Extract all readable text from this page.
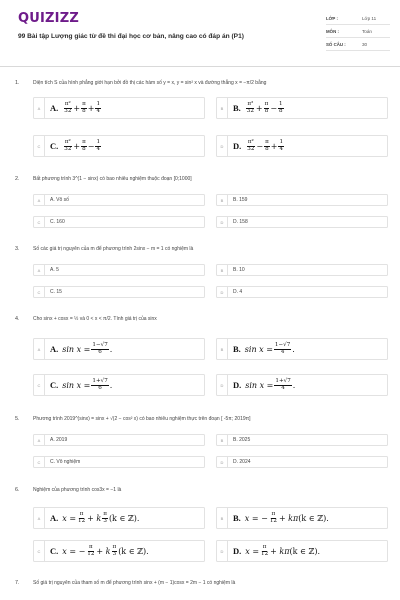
QUIZIZZ
99 Bài tập Lượng giác từ đề thi đại học cơ bản, nâng cao có đáp án (P1)
LỚP :	Lớp 11
MÔN :	Toán
SỐ CÂU :	30
1.	Diện tích S của hình phẳng giới hạn bởi đồ thị các hàm số y = x, y = sin² x và đường thẳng x = −π/2 bằng
A	A. $\frac{\text{π²}}{32} + \frac{\pi}{8} + \frac{1}{4}$	B	B. $\frac{\text{π²}}{32} + \frac{\pi}{8} - \frac{1}{8}$
C	C. $\frac{\text{π²}}{32} + \frac{\pi}{8} - \frac{1}{4}$	D	D. $\frac{\text{π²}}{32} - \frac{\pi}{8} + \frac{1}{4}$
2.	Bất phương trình 3^(1 − sinx) có bao nhiêu nghiệm thuộc đoạn [0;1000]
A	A. Vô số	B	B. 159
C	C. 160	D	D. 158
3.	Số các giá trị nguyên của m để phương trình 2sinx − m = 1 có nghiệm là
A	A. 5	B	B. 10
C	C. 15	D	D. 4
4.	Cho sinx + cosx = ½ và 0 < x < π/2. Tính giá trị của sinx
A	A. $\sin x = \frac{1-√7}{6}$ .	B	B. $\sin x = \frac{1-√7}{4}$ .
C	C. $\sin x = \frac{1+√7}{6}$ .	D	D. $\sin x = \frac{1+√7}{4}$ .
5.	Phương trình 2019^(sinx) = sinx + √(2 − cos² x) có bao nhiêu nghiệm thực trên đoạn [ -5π; 2019π]
A	A. 2019	B	B. 2025
C	C. Vô nghiệm	D	D. 2024
6.	Nghiệm của phương trình cos3x = −1 là
A	A. $x = \frac{\pi}{12} + k \frac{\pi}{3} (k$ ∈ ℤ).	B	B. x = − $\frac{\pi}{12} + k\pi$ (k ∈ ℤ).
C	C. x = − $\frac{\pi}{12} + k \frac{\pi}{3} (k$ ∈ ℤ).	D	D. $x = \frac{\pi}{12} + k\pi$ (k ∈ ℤ).
7.	Số giá trị nguyên của tham số m để phương trình sinx + (m − 1)cosx = 2m − 1 có nghiệm là
